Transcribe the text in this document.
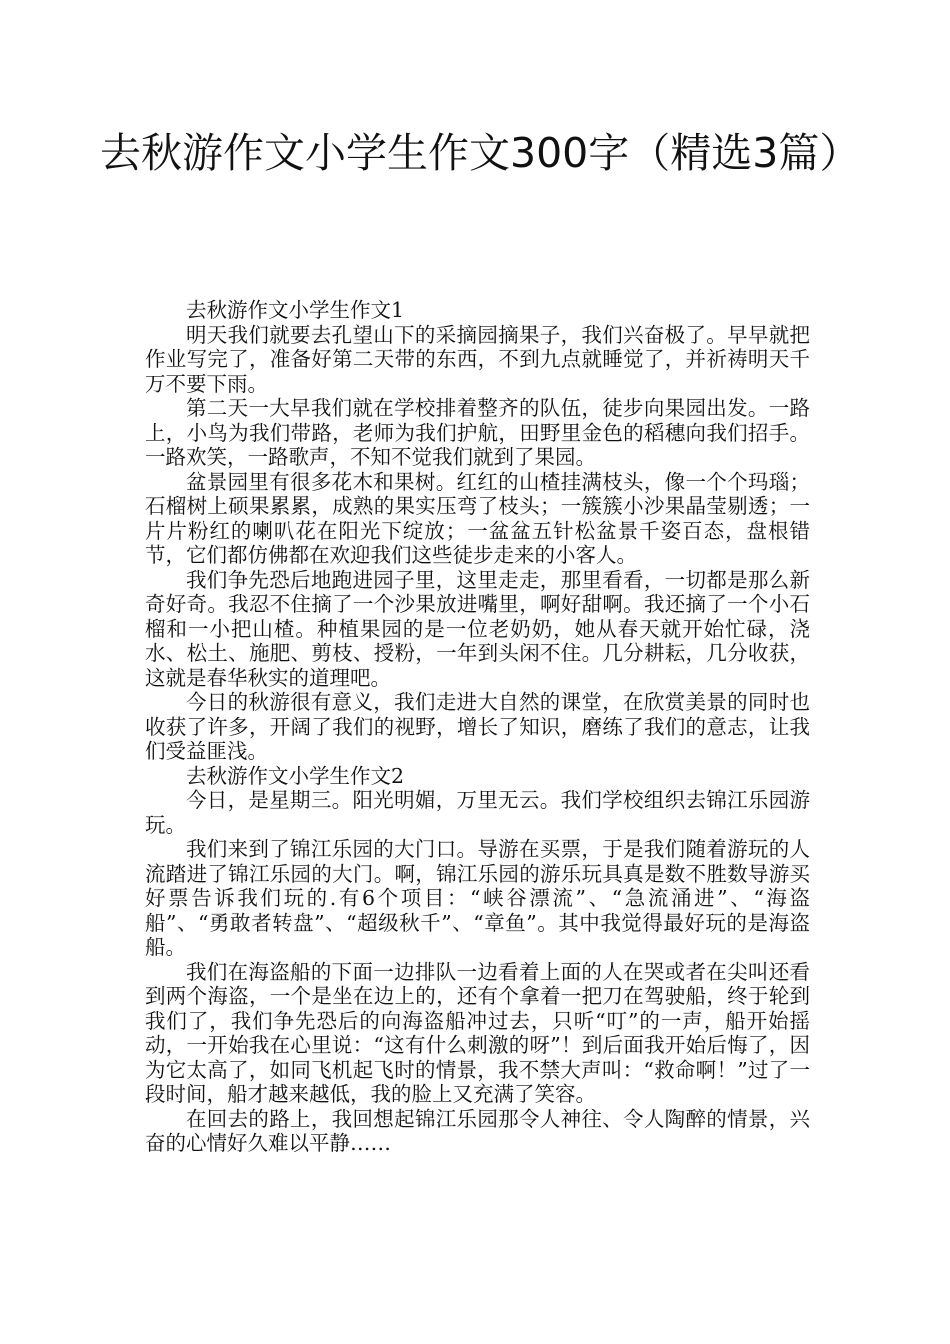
去秋游作文小学生作文300字（精选3篇）

去秋游作文小学生作文1

明天我们就要去孔望山下的采摘园摘果子，我们兴奋极了。早早就把作业写完了，准备好第二天带的东西，不到九点就睡觉了，并祈祷明天千万不要下雨。

第二天一大早我们就在学校排着整齐的队伍，徒步向果园出发。一路上，小鸟为我们带路，老师为我们护航，田野里金色的稻穗向我们招手。一路欢笑，一路歌声，不知不觉我们就到了果园。

盆景园里有很多花木和果树。红红的山楂挂满枝头，像一个个玛瑙；石榴树上硕果累累，成熟的果实压弯了枝头；一簇簇小沙果晶莹剔透；一片片粉红的喇叭花在阳光下绽放；一盆盆五针松盆景千姿百态，盘根错节，它们都仿佛都在欢迎我们这些徒步走来的小客人。

我们争先恐后地跑进园子里，这里走走，那里看看，一切都是那么新奇好奇。我忍不住摘了一个沙果放进嘴里，啊好甜啊。我还摘了一个小石榴和一小把山楂。种植果园的是一位老奶奶，她从春天就开始忙碌，浇水、松土、施肥、剪枝、授粉，一年到头闲不住。几分耕耘，几分收获，这就是春华秋实的道理吧。

今日的秋游很有意义，我们走进大自然的课堂，在欣赏美景的同时也收获了许多，开阔了我们的视野，增长了知识，磨练了我们的意志，让我们受益匪浅。

去秋游作文小学生作文2

今日，是星期三。阳光明媚，万里无云。我们学校组织去锦江乐园游玩。

我们来到了锦江乐园的大门口。导游在买票，于是我们随着游玩的人流踏进了锦江乐园的大门。啊，锦江乐园的游乐玩具真是数不胜数导游买好票告诉我们玩的.有6个项目：“峡谷漂流”、“急流涌进”、“海盗船”、“勇敢者转盘”、“超级秋千”、“章鱼”。其中我觉得最好玩的是海盗船。

我们在海盗船的下面一边排队一边看着上面的人在哭或者在尖叫还看到两个海盗，一个是坐在边上的，还有个拿着一把刀在驾驶船，终于轮到我们了，我们争先恐后的向海盗船冲过去，只听“叮”的一声，船开始摇动，一开始我在心里说：“这有什么刺激的呀”！到后面我开始后悔了，因为它太高了，如同飞机起飞时的情景，我不禁大声叫：“救命啊！”过了一段时间，船才越来越低，我的脸上又充满了笑容。

在回去的路上，我回想起锦江乐园那令人神往、令人陶醉的情景，兴奋的心情好久难以平静……
